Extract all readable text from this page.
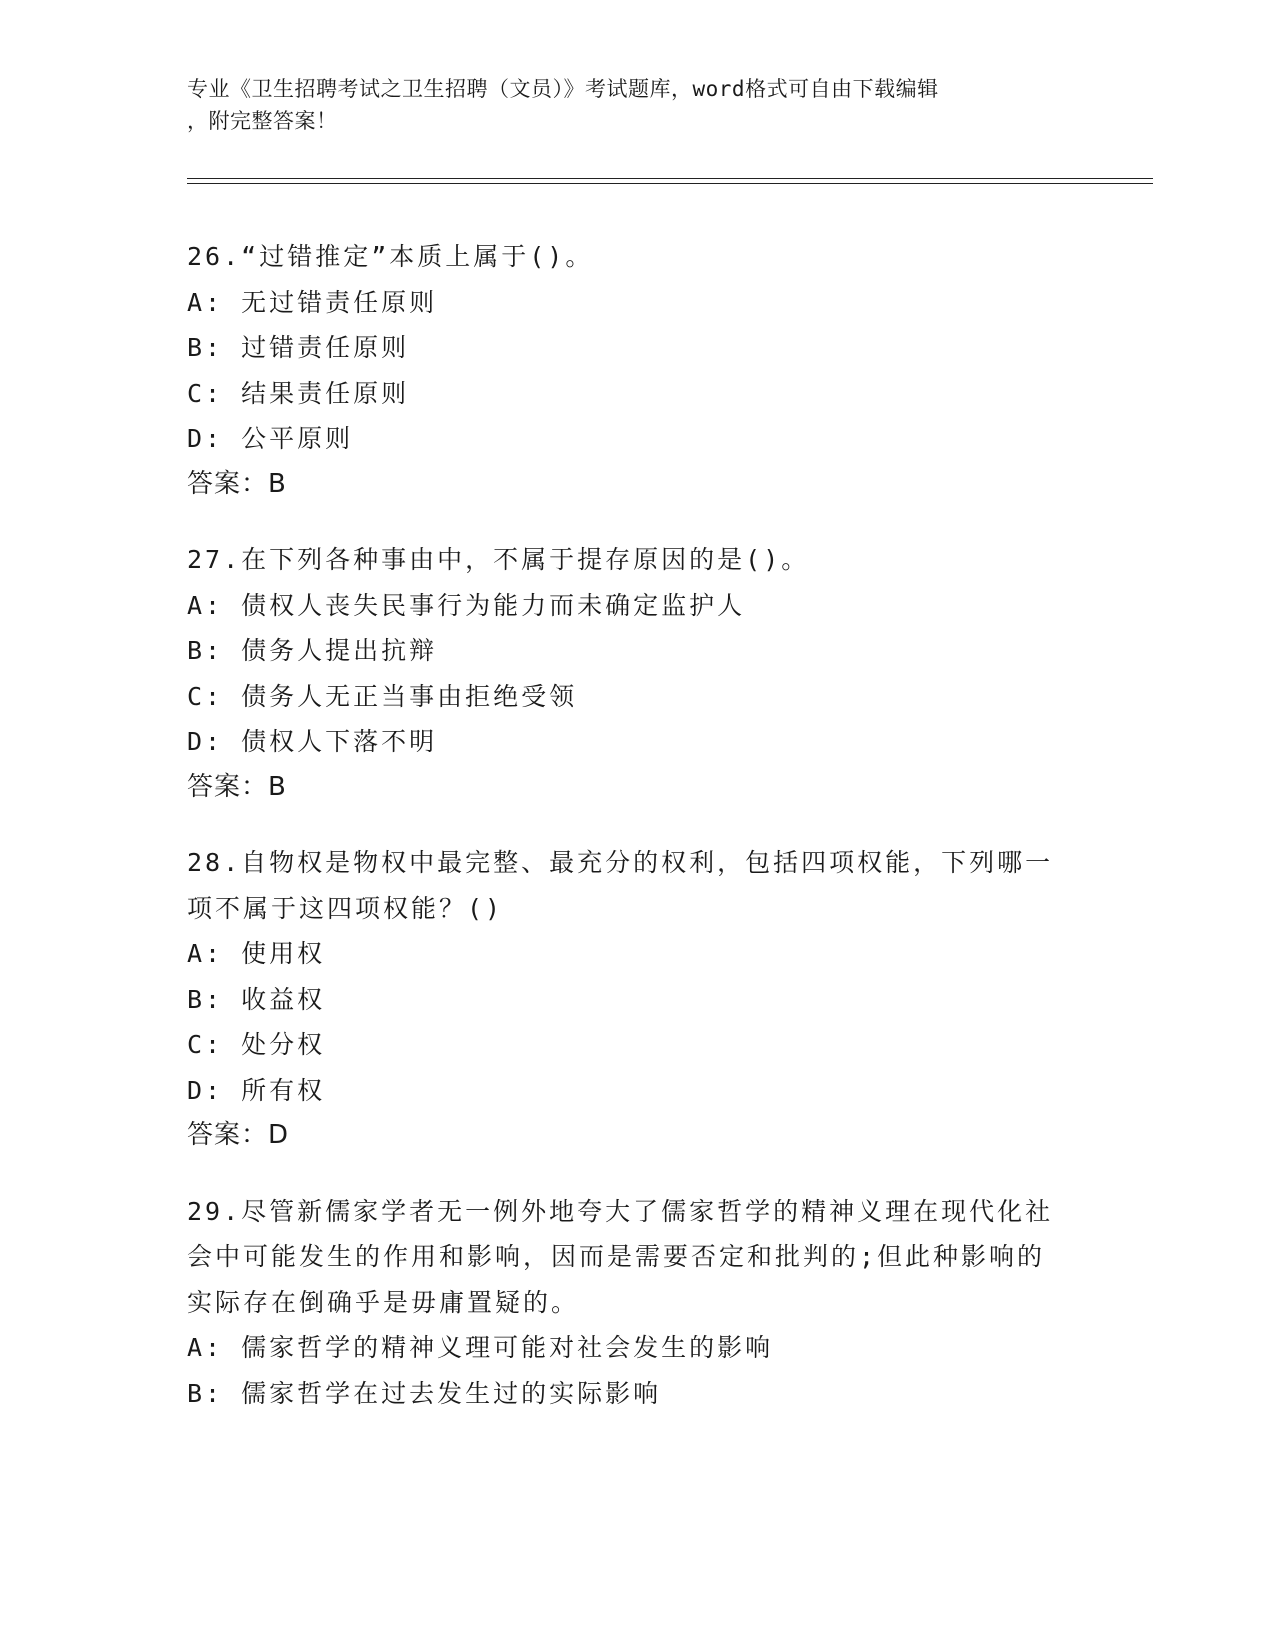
专业《卫生招聘考试之卫生招聘（文员）》考试题库，word格式可自由下载编辑
，附完整答案！
26.“过错推定”本质上属于()。
A: 无过错责任原则
B: 过错责任原则
C: 结果责任原则
D: 公平原则
答案：B
27.在下列各种事由中，不属于提存原因的是()。
A: 债权人丧失民事行为能力而未确定监护人
B: 债务人提出抗辩
C: 债务人无正当事由拒绝受领
D: 债权人下落不明
答案：B
28.自物权是物权中最完整、最充分的权利，包括四项权能，下列哪一
项不属于这四项权能？()
A: 使用权
B: 收益权
C: 处分权
D: 所有权
答案：D
29.尽管新儒家学者无一例外地夸大了儒家哲学的精神义理在现代化社
会中可能发生的作用和影响，因而是需要否定和批判的;但此种影响的
实际存在倒确乎是毋庸置疑的。
A: 儒家哲学的精神义理可能对社会发生的影响
B: 儒家哲学在过去发生过的实际影响
